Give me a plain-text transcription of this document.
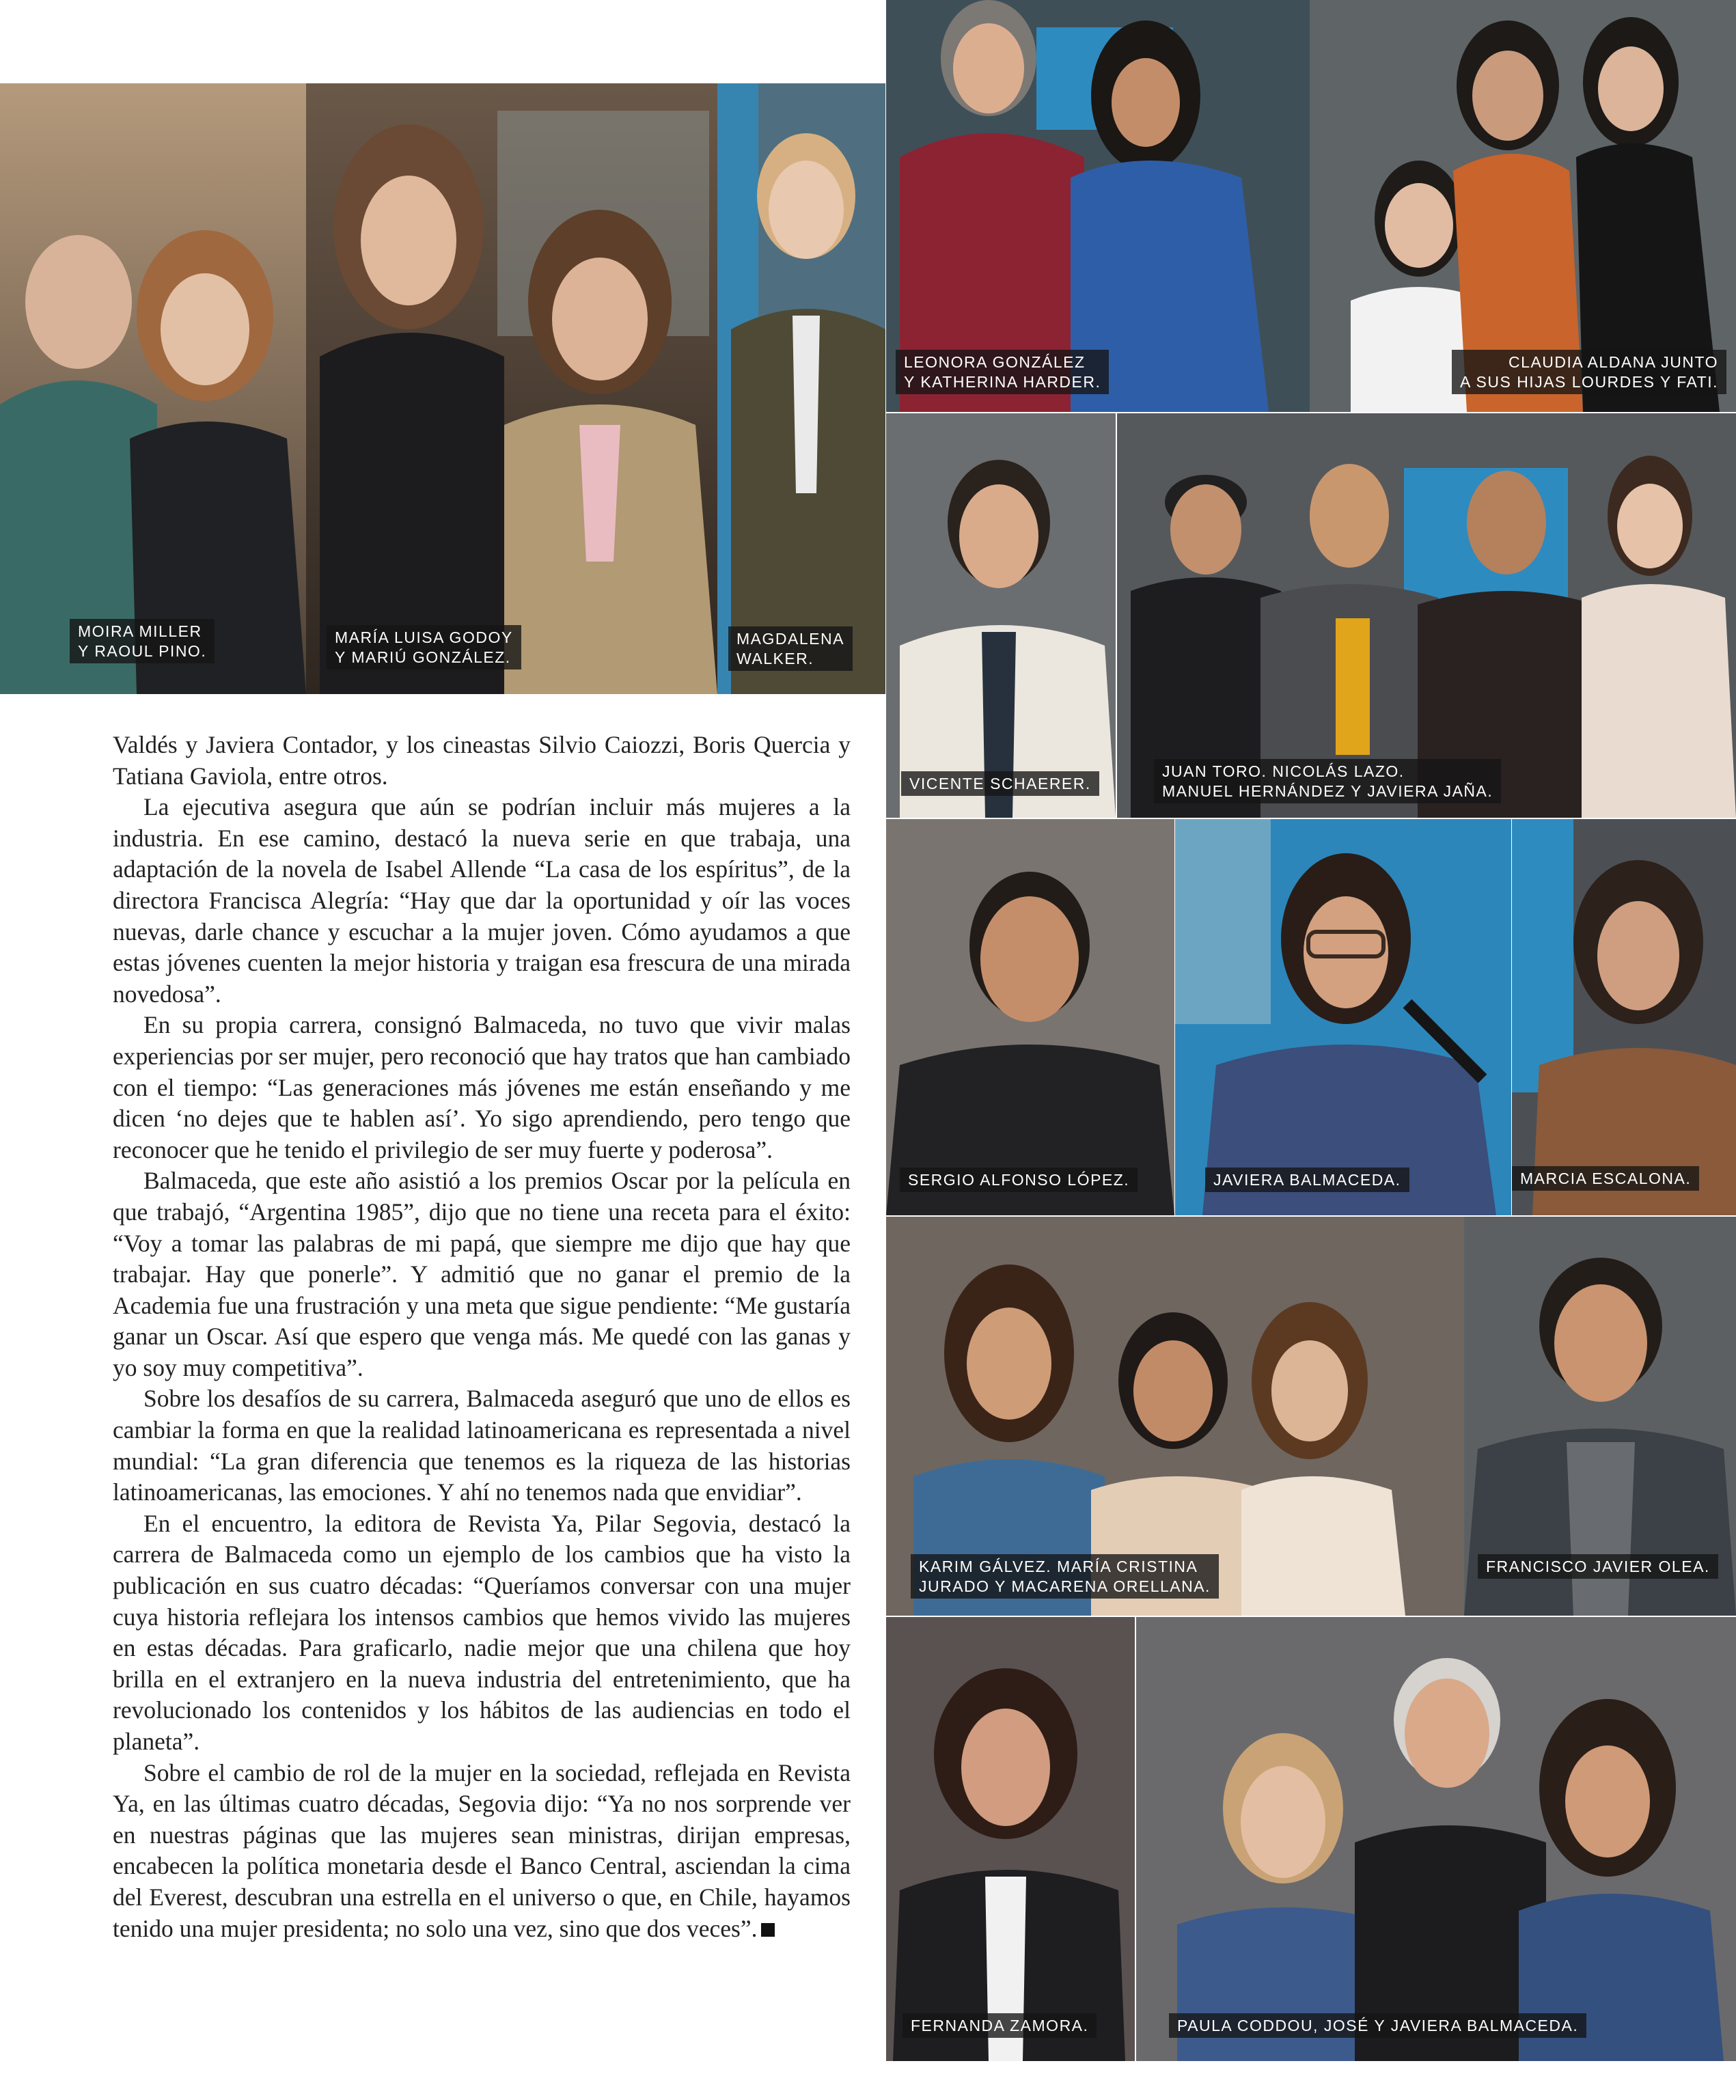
MOIRA MILLER
Y RAOUL PINO.
MARÍA LUISA GODOY
Y MARIÚ GONZÁLEZ.
MAGDALENA
WALKER.
LEONORA GONZÁLEZ
Y KATHERINA HARDER.
CLAUDIA ALDANA JUNTO
A SUS HIJAS LOURDES Y FATI.
VICENTE SCHAERER.
JUAN TORO. NICOLÁS LAZO.
MANUEL HERNÁNDEZ Y JAVIERA JAÑA.
SERGIO ALFONSO LÓPEZ.	JAVIERA BALMACEDA.	MARCIA ESCALONA.
KARIM GÁLVEZ. MARÍA CRISTINA
JURADO Y MACARENA ORELLANA.
FRANCISCO JAVIER OLEA.
FERNANDA ZAMORA.	PAULA CODDOU, JOSÉ Y JAVIERA BALMACEDA.

Valdés y Javiera Contador, y los cineastas Silvio Caiozzi, Boris Quercia y Tatiana Gaviola, entre otros.

La ejecutiva asegura que aún se podrían incluir más mujeres a la industria. En ese camino, destacó la nueva serie en que trabaja, una adaptación de la novela de Isabel Allende “La casa de los espíritus”, de la directora Francisca Alegría: “Hay que dar la oportunidad y oír las voces nuevas, darle chance y escuchar a la mujer joven. Cómo ayudamos a que estas jóvenes cuenten la mejor historia y traigan esa frescura de una mirada novedosa”.

En su propia carrera, consignó Balmaceda, no tuvo que vivir malas experiencias por ser mujer, pero reconoció que hay tratos que han cambiado con el tiempo: “Las generaciones más jóvenes me están enseñando y me dicen ‘no dejes que te hablen así’. Yo sigo aprendiendo, pero tengo que reconocer que he tenido el privilegio de ser muy fuerte y poderosa”.

Balmaceda, que este año asistió a los premios Oscar por la película en que trabajó, “Argentina 1985”, dijo que no tiene una receta para el éxito: “Voy a tomar las palabras de mi papá, que siempre me dijo que hay que trabajar. Hay que ponerle”. Y admitió que no ganar el premio de la Academia fue una frustración y una meta que sigue pendiente: “Me gustaría ganar un Oscar. Así que espero que venga más. Me quedé con las ganas y yo soy muy competitiva”.

Sobre los desafíos de su carrera, Balmaceda aseguró que uno de ellos es cambiar la forma en que la realidad latinoamericana es representada a nivel mundial: “La gran diferencia que tenemos es la riqueza de las historias latinoamericanas, las emociones. Y ahí no tenemos nada que envidiar”.

En el encuentro, la editora de Revista Ya, Pilar Segovia, destacó la carrera de Balmaceda como un ejemplo de los cambios que ha visto la publicación en sus cuatro décadas: “Queríamos conversar con una mujer cuya historia reflejara los intensos cambios que hemos vivido las mujeres en estas décadas. Para graficarlo, nadie mejor que una chilena que hoy brilla en el extranjero en la nueva industria del entretenimiento, que ha revolucionado los contenidos y los hábitos de las audiencias en todo el planeta”.

Sobre el cambio de rol de la mujer en la sociedad, reflejada en Revista Ya, en las últimas cuatro décadas, Segovia dijo: “Ya no nos sorprende ver en nuestras páginas que las mujeres sean ministras, dirijan empresas, encabecen la política monetaria desde el Banco Central, asciendan la cima del Everest, descubran una estrella en el universo o que, en Chile, hayamos tenido una mujer presidenta; no solo una vez, sino que dos veces”.
